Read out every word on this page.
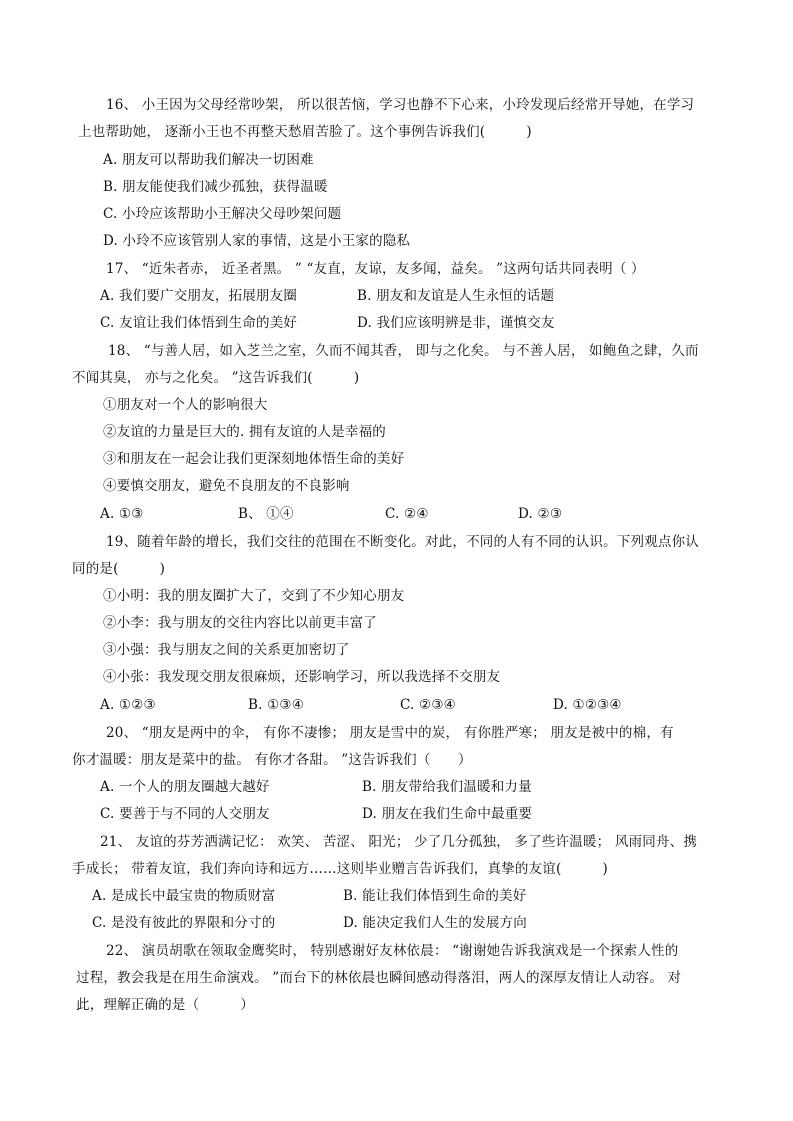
16、 小王因为父母经常吵架， 所以很苦恼，学习也静不下心来，小玲发现后经常开导她，在学习
上也帮助她， 逐渐小王也不再整天愁眉苦脸了。这个事例告诉我们(　　　)
A. 朋友可以帮助我们解决一切困难
B. 朋友能使我们减少孤独，获得温暖
C. 小玲应该帮助小王解决父母吵架问题
D. 小玲不应该管别人家的事情，这是小王家的隐私
17、 “近朱者赤， 近圣者黑。 ” “友直，友谅，友多闻，益矣。 ”这两句话共同表明（ ）
A. 我们要广交朋友，拓展朋友圈	B. 朋友和友谊是人生永恒的话题
C. 友谊让我们体悟到生命的美好	D. 我们应该明辨是非，谨慎交友
18、 “与善人居，如入芝兰之室，久而不闻其香， 即与之化矣。 与不善人居， 如鲍鱼之肆，久而
不闻其臭， 亦与之化矣。 ”这告诉我们(　　　)
①朋友对一个人的影响很大
②友谊的力量是巨大的. 拥有友谊的人是幸福的
③和朋友在一起会让我们更深刻地体悟生命的美好
④要慎交朋友，避免不良朋友的不良影响
A. ①③	B、 ①④	C. ②④	D. ②③
19、随着年龄的增长，我们交往的范围在不断变化。对此，不同的人有不同的认识。下列观点你认
同的是(　　　)
①小明：我的朋友圈扩大了，交到了不少知心朋友
②小李：我与朋友的交往内容比以前更丰富了
③小强：我与朋友之间的关系更加密切了
④小张：我发现交朋友很麻烦，还影响学习，所以我选择不交朋友
A. ①②③	B. ①③④	C. ②③④	D. ①②③④
20、 “朋友是两中的伞， 有你不凄惨； 朋友是雪中的炭， 有你胜严寒； 朋友是被中的棉，有
你才温暖：朋友是菜中的盐。 有你才各甜。 ”这告诉我们（　　）
A. 一个人的朋友圈越大越好	B. 朋友带给我们温暖和力量
C. 要善于与不同的人交朋友	D. 朋友在我们生命中最重要
21、 友谊的芬芳洒满记忆： 欢笑、 苦涩、 阳光； 少了几分孤独， 多了些许温暖； 风雨同舟、携
手成长； 带着友谊，我们奔向诗和远方……这则毕业赠言告诉我们，真挚的友谊(　　　)
A. 是成长中最宝贵的物质财富	B. 能让我们体悟到生命的美好
C. 是没有彼此的界限和分寸的	D. 能决定我们人生的发展方向
22、 演员胡歌在领取金鹰奖时， 特别感谢好友林依晨： “谢谢她告诉我演戏是一个探索人性的
过程，教会我是在用生命演戏。 ”而台下的林依晨也瞬间感动得落泪，两人的深厚友情让人动容。 对
此，理解正确的是（　　　）
